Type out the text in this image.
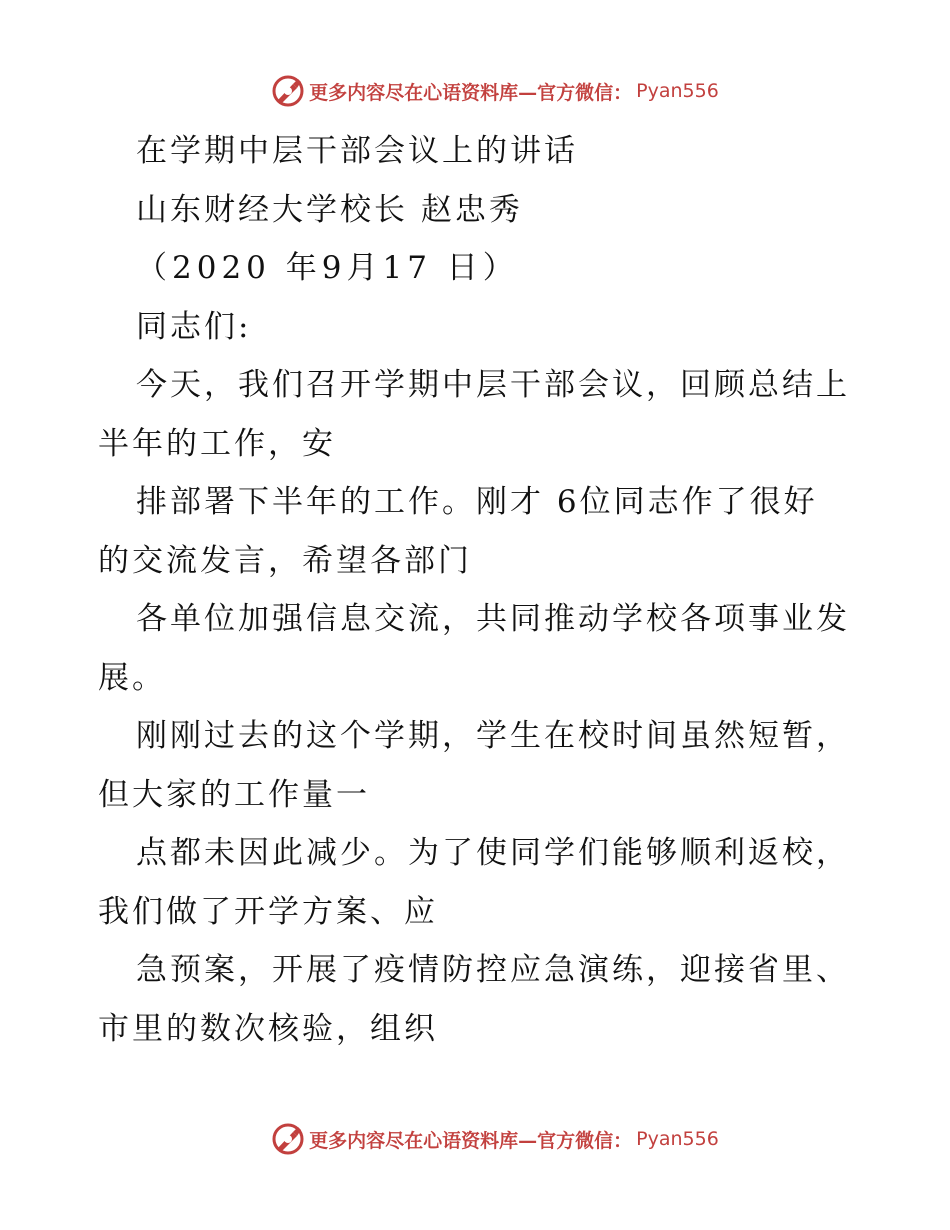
更多内容尽在心语资料库—官方微信： Pyan556
在学期中层干部会议上的讲话
山东财经大学校长 赵忠秀
（2020 年9月17 日）
同志们:
今天，我们召开学期中层干部会议，回顾总结上
半年的工作，安
排部署下半年的工作。刚才 6位同志作了很好
的交流发言，希望各部门
各单位加强信息交流，共同推动学校各项事业发
展。
刚刚过去的这个学期，学生在校时间虽然短暂，
但大家的工作量一
点都未因此减少。为了使同学们能够顺利返校，
我们做了开学方案、应
急预案，开展了疫情防控应急演练，迎接省里、
市里的数次核验，组织
更多内容尽在心语资料库—官方微信： Pyan556
